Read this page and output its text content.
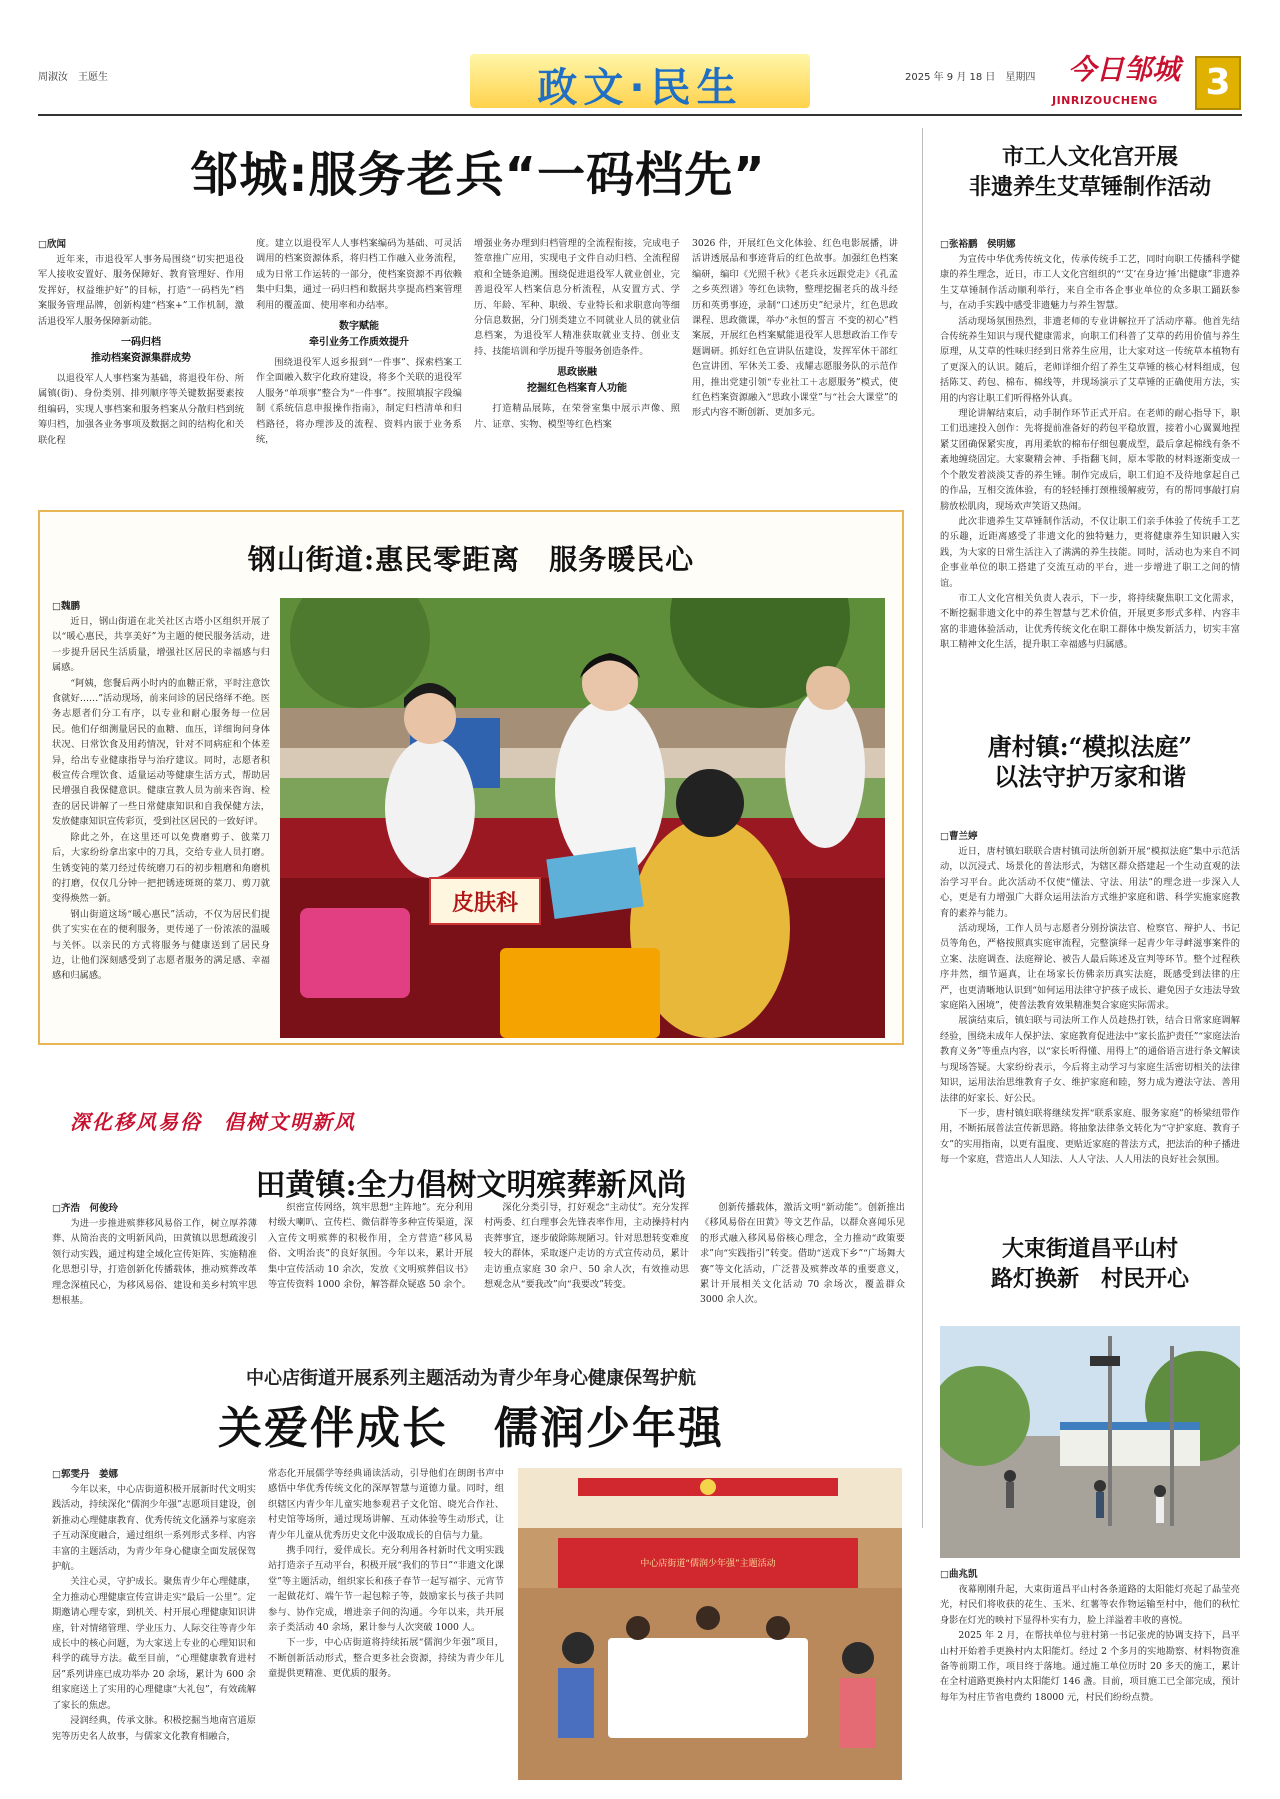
周淑汝　王愿生	政文·民生	2025 年 9 月 18 日　星期四 今日邹城
JINRIZOUCHENG 3
邹城:服务老兵“一码档先”
□欣闻

近年来，市退役军人事务局围绕“切实把退役军人接收安置好、服务保障好、教育管理好、作用发挥好，权益维护好”的目标，打造“一码档先”档案服务管理品牌，创新构建“档案+”工作机制，激活退役军人服务保障新动能。

一码归档
推动档案资源集群成势

以退役军人人事档案为基础，将退役年份、所属镇(街)、身份类别、排列顺序等关键数据要素按组编码，实现人事档案和服务档案从分散归档到统筹归档，加强各业务事项及数据之间的结构化和关联化程

度。建立以退役军人人事档案编码为基础、可灵活调用的档案资源体系，将归档工作融入业务流程，成为日常工作运转的一部分，使档案资源不再依赖集中归集，通过一码归档和数据共享提高档案管理利用的覆盖面、使用率和办结率。

数字赋能
牵引业务工作质效提升

围绕退役军人返乡报到“一件事”、探索档案工作全面融入数字化政府建设，将多个关联的退役军人服务“单项事”整合为“一件事”。按照填报字段编制《系统信息申报操作指南》，制定归档清单和归档路径，将办理涉及的流程、资料内嵌于业务系统，

增强业务办理到归档管理的全流程衔接，完成电子签章推广应用，实现电子文件自动归档、全流程留痕和全链条追溯。围绕促进退役军人就业创业，完善退役军人档案信息分析流程，从安置方式、学历、年龄、军种、职级、专业特长和求职意向等细分信息数据，分门别类建立不同就业人员的就业信息档案，为退役军人精准获取就业支持、创业支持、技能培训和学历提升等服务创造条件。

思政嵌融
挖掘红色档案育人功能

打造精品展陈，在荣誉室集中展示声像、照片、证章、实物、模型等红色档案

3026 件，开展红色文化体验、红色电影展播，讲活讲透展品和事迹背后的红色故事。加强红色档案编研，编印《光照千秋》《老兵永远跟党走》《孔孟之乡英烈谱》等红色读物，整理挖掘老兵的战斗经历和英勇事迹，录制“口述历史”纪录片，红色思政课程、思政微课，举办“永恒的誓言 不变的初心”档案展，开展红色档案赋能退役军人思想政治工作专题调研。抓好红色宣讲队伍建设，发挥军休干部红色宣讲团、军休关工委、戎耀志愿服务队的示范作用，推出党建引领“专业社工＋志愿服务”模式，使红色档案资源融入“思政小课堂”与“社会大课堂”的形式内容不断创新、更加多元。

钢山街道:惠民零距离　服务暖民心
□魏鹏

近日，钢山街道在北关社区古塔小区组织开展了以“暖心惠民，共享美好”为主题的便民服务活动，进一步提升居民生活质量，增强社区居民的幸福感与归属感。

“阿姨，您餐后两小时内的血糖正常，平时注意饮食就好……”活动现场，前来问诊的居民络绎不绝。医务志愿者们分工有序，以专业和耐心服务每一位居民。他们仔细测量居民的血糖、血压，详细询问身体状况、日常饮食及用药情况，针对不同病症和个体差异，给出专业健康指导与治疗建议。同时，志愿者积极宣传合理饮食、适量运动等健康生活方式，帮助居民增强自我保健意识。健康宣教人员为前来咨询、检查的居民讲解了一些日常健康知识和自我保健方法，发放健康知识宣传彩页，受到社区居民的一致好评。

除此之外，在这里还可以免费磨剪子、戗菜刀后，大家纷纷拿出家中的刀具，交给专业人员打磨。生锈变钝的菜刀经过传统磨刀石的初步粗磨和角磨机的打磨，仅仅几分钟一把把锈迹斑斑的菜刀、剪刀就变得焕然一新。

钢山街道这场“暖心惠民”活动，不仅为居民们提供了实实在在的便利服务，更传递了一份浓浓的温暖与关怀。以亲民的方式将服务与健康送到了居民身边，让他们深刻感受到了志愿者服务的满足感、幸福感和归属感。

皮肤科
深化移风易俗　倡树文明新风
田黄镇:全力倡树文明殡葬新风尚
□齐浩　何俊玲

为进一步推进殡葬移风易俗工作，树立厚养薄葬、从简治丧的文明新风尚，田黄镇以思想疏浚引领行动实践，通过构建全域化宣传矩阵、实施精准化思想引导，打造创新化传播载体，推动殡葬改革理念深植民心，为移风易俗、建设和美乡村筑牢思想根基。

织密宣传网络，筑牢思想“主阵地”。充分利用村级大喇叭、宣传栏、微信群等多种宣传渠道，深入宣传文明殡葬的积极作用，全方营造“移风易俗、文明治丧”的良好氛围。今年以来，累计开展集中宣传活动 10 余次，发放《文明殡葬倡议书》等宣传资料 1000 余份，解答群众疑惑 50 余个。

深化分类引导，打好观念“主动仗”。充分发挥村两委、红白理事会先锋表率作用，主动操持村内丧葬事宜，逐步破除陈规陋习。针对思想转变难度较大的群体，采取逐户走访的方式宣传动员，累计走访重点家庭 30 余户、50 余人次，有效推动思想观念从“要我改”向“我要改”转变。

创新传播载体，激活文明“新动能”。创新推出《移风易俗在田黄》等文艺作品，以群众喜闻乐见的形式融入移风易俗核心理念，全力推动“政策要求”向“实践指引”转变。借助“送戏下乡”“广场舞大赛”等文化活动，广泛普及殡葬改革的重要意义，累计开展相关文化活动 70 余场次，覆盖群众 3000 余人次。

中心店街道开展系列主题活动为青少年身心健康保驾护航
关爱伴成长　儒润少年强
□郭雯丹　姜娜

今年以来，中心店街道积极开展新时代文明实践活动，持续深化“儒润少年强”志愿项目建设，创新推动心理健康教育、优秀传统文化涵养与家庭亲子互动深度融合，通过组织一系列形式多样、内容丰富的主题活动，为青少年身心健康全面发展保驾护航。

关注心灵，守护成长。聚焦青少年心理健康，全力推动心理健康宣传宣讲走实“最后一公里”。定期邀请心理专家，到机关、村开展心理健康知识讲座，针对情绪管理、学业压力、人际交往等青少年成长中的核心问题，为大家送上专业的心理知识和科学的疏导方法。截至目前，“心理健康教育进村居”系列讲座已成功举办 20 余场，累计为 600 余组家庭送上了实用的心理健康“大礼包”，有效疏解了家长的焦虑。

浸润经典，传承文脉。积极挖掘当地南宫道原宪等历史名人故事，与儒家文化教育相融合，

常态化开展儒学等经典诵读活动，引导他们在朗朗书声中感悟中华优秀传统文化的深厚智慧与道德力量。同时，组织辖区内青少年儿童实地参观君子文化馆、晓光合作社、村史馆等场所，通过现场讲解、互动体验等生动形式，让青少年儿童从优秀历史文化中汲取成长的自信与力量。

携手同行，爱伴成长。充分利用各村新时代文明实践站打造亲子互动平台，积极开展“我们的节日”“非遗文化课堂”等主题活动，组织家长和孩子春节一起写福字、元宵节一起做花灯、端午节一起包粽子等，鼓励家长与孩子共同参与、协作完成，增进亲子间的沟通。今年以来，共开展亲子类活动 40 余场，累计参与人次突破 1000 人。

下一步，中心店街道将持续拓展“儒润少年强”项目，不断创新活动形式，整合更多社会资源，持续为青少年儿童提供更精准、更优质的服务。

中心店街道“儒润少年强”主题活动
市工人文化宫开展
非遗养生艾草锤制作活动
□张裕鹏　侯明娜

为宣传中华优秀传统文化，传承传统手工艺，同时向职工传播科学健康的养生理念，近日，市工人文化宫组织的“‘艾’在身边‘捶’出健康”非遗养生艾草锤制作活动顺利举行，来自全市各企事业单位的众多职工踊跃参与，在动手实践中感受非遗魅力与养生智慧。

活动现场氛围热烈，非遗老师的专业讲解拉开了活动序幕。他首先结合传统养生知识与现代健康需求，向职工们科普了艾草的药用价值与养生原理，从艾草的性味归经到日常养生应用，让大家对这一传统草本植物有了更深入的认识。随后，老师详细介绍了养生艾草锤的核心材料组成，包括陈艾、药包、棉布、棉线等，并现场演示了艾草锤的正确使用方法，实用的内容让职工们听得格外认真。

理论讲解结束后，动手制作环节正式开启。在老师的耐心指导下，职工们迅速投入创作：先将提前准备好的药包平稳放置，接着小心翼翼地捏紧艾团确保紧实度，再用柔软的棉布仔细包裹成型，最后拿起棉线有条不紊地缠绕固定。大家聚精会神、手指翻飞间，原本零散的材料逐渐变成一个个散发着淡淡艾香的养生锤。制作完成后，职工们迫不及待地拿起自己的作品，互相交流体验，有的轻轻捶打颈椎缓解疲劳，有的帮同事敲打肩膀放松肌肉，现场欢声笑语又热闹。

此次非遗养生艾草锤制作活动，不仅让职工们亲手体验了传统手工艺的乐趣，近距离感受了非遗文化的独特魅力，更将健康养生知识融入实践，为大家的日常生活注入了满满的养生技能。同时，活动也为来自不同企事业单位的职工搭建了交流互动的平台，进一步增进了职工之间的情谊。

市工人文化宫相关负责人表示，下一步，将持续聚焦职工文化需求，不断挖掘非遗文化中的养生智慧与艺术价值，开展更多形式多样、内容丰富的非遗体验活动，让优秀传统文化在职工群体中焕发新活力，切实丰富职工精神文化生活，提升职工幸福感与归属感。

唐村镇:“模拟法庭”
以法守护万家和谐
□曹兰婷

近日，唐村镇妇联联合唐村镇司法所创新开展“模拟法庭”集中示范活动，以沉浸式、场景化的普法形式，为辖区群众搭建起一个生动直观的法治学习平台。此次活动不仅使“懂法、守法、用法”的理念进一步深入人心，更是有力增强广大群众运用法治方式维护家庭和谐、科学实施家庭教育的素养与能力。

活动现场，工作人员与志愿者分别扮演法官、检察官、辩护人、书记员等角色，严格按照真实庭审流程，完整演绎一起青少年寻衅滋事案件的立案、法庭调查、法庭辩论、被告人最后陈述及宣判等环节。整个过程秩序井然，细节逼真，让在场家长仿佛亲历真实法庭，既感受到法律的庄严，也更清晰地认识到“如何运用法律守护孩子成长、避免因子女违法导致家庭陷入困境”，使普法教育效果精准契合家庭实际需求。

展演结束后，镇妇联与司法所工作人员趁热打铁，结合日常家庭调解经验，围绕未成年人保护法、家庭教育促进法中“家长监护责任”“家庭法治教育义务”等重点内容，以“家长听得懂、用得上”的通俗语言进行条文解读与现场答疑。大家纷纷表示，今后将主动学习与家庭生活密切相关的法律知识，运用法治思维教育子女、维护家庭和睦，努力成为遵法守法、善用法律的好家长、好公民。

下一步，唐村镇妇联将继续发挥“联系家庭、服务家庭”的桥梁纽带作用，不断拓展普法宣传新思路。将抽象法律条文转化为“守护家庭、教育子女”的实用指南，以更有温度、更贴近家庭的普法方式，把法治的种子播进每一个家庭，营造出人人知法、人人守法、人人用法的良好社会氛围。

大束街道昌平山村
路灯换新　村民开心
□曲兆凯

夜幕刚刚升起，大束街道昌平山村各条道路的太阳能灯亮起了晶莹亮光，村民们将收获的花生、玉米、红薯等农作物运输至村中，他们的秋忙身影在灯光的映衬下显得朴实有力，脸上洋溢着丰收的喜悦。

2025 年 2 月，在帮扶单位与驻村第一书记张虎的协调支持下，昌平山村开始着手更换村内太阳能灯。经过 2 个多月的实地勘察、材料物资准备等前期工作，项目终于落地。通过施工单位历时 20 多天的施工，累计在全村道路更换村内太阳能灯 146 盏。目前，项目施工已全部完成，预计每年为村庄节省电费约 18000 元，村民们纷纷点赞。
